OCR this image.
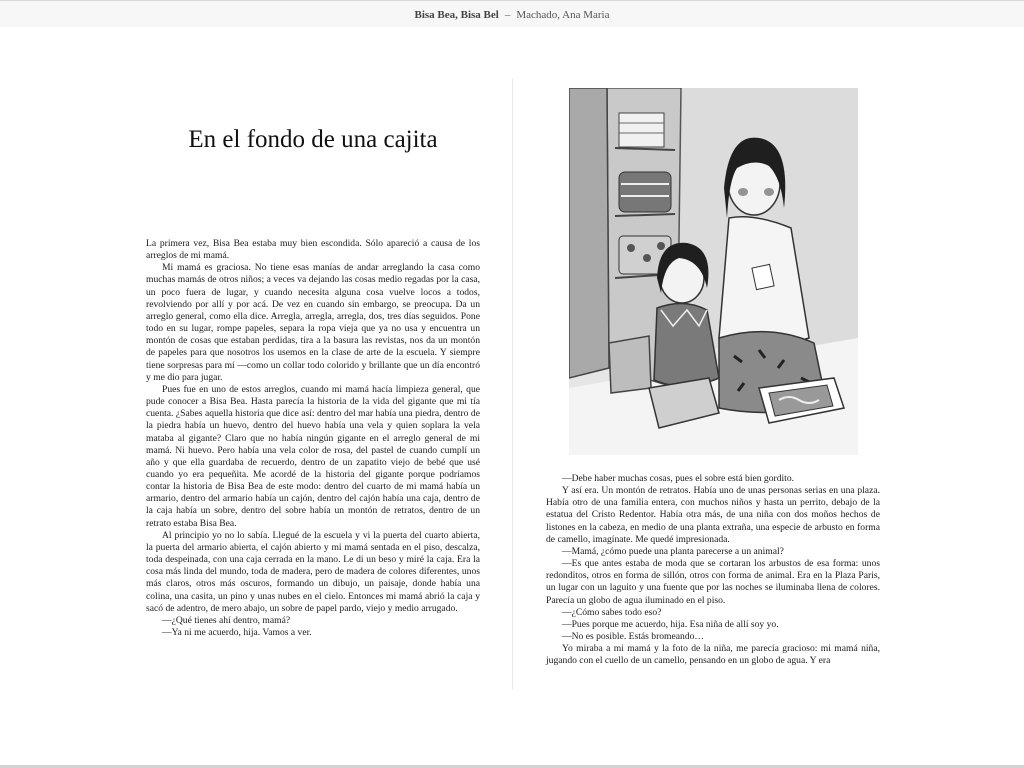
Bisa Bea, Bisa Bel – Machado, Ana Maria
En el fondo de una cajita

La primera vez, Bisa Bea estaba muy bien escondida. Sólo apareció a causa de los arreglos de mi mamá.

Mi mamá es graciosa. No tiene esas manías de andar arreglando la casa como muchas mamás de otros niños; a veces va dejando las cosas medio regadas por la casa, un poco fuera de lugar, y cuando necesita alguna cosa vuelve locos a todos, revolviendo por allí y por acá. De vez en cuando sin embargo, se preocupa. Da un arreglo general, como ella dice. Arregla, arregla, arregla, dos, tres días seguidos. Pone todo en su lugar, rompe papeles, separa la ropa vieja que ya no usa y encuentra un montón de cosas que estaban perdidas, tira a la basura las revistas, nos da un montón de papeles para que nosotros los usemos en la clase de arte de la escuela. Y siempre tiene sorpresas para mí —como un collar todo colorido y brillante que un día encontró y me dio para jugar.

Pues fue en uno de estos arreglos, cuando mi mamá hacía limpieza general, que pude conocer a Bisa Bea. Hasta parecía la historia de la vida del gigante que mi tía cuenta. ¿Sabes aquella historia que dice así: dentro del mar había una piedra, dentro de la piedra había un huevo, dentro del huevo había una vela y quien soplara la vela mataba al gigante? Claro que no había ningún gigante en el arreglo general de mi mamá. Ni huevo. Pero había una vela color de rosa, del pastel de cuando cumplí un año y que ella guardaba de recuerdo, dentro de un zapatito viejo de bebé que usé cuando yo era pequeñita. Me acordé de la historia del gigante porque podríamos contar la historia de Bisa Bea de este modo: dentro del cuarto de mi mamá había un armario, dentro del armario había un cajón, dentro del cajón había una caja, dentro de la caja había un sobre, dentro del sobre había un montón de retratos, dentro de un retrato estaba Bisa Bea.

Al principio yo no lo sabía. Llegué de la escuela y vi la puerta del cuarto abierta, la puerta del armario abierta, el cajón abierto y mi mamá sentada en el piso, descalza, toda despeinada, con una caja cerrada en la mano. Le di un beso y miré la caja. Era la cosa más linda del mundo, toda de madera, pero de madera de colores diferentes, unos más claros, otros más oscuros, formando un dibujo, un paisaje, donde había una colina, una casita, un pino y unas nubes en el cielo. Entonces mi mamá abrió la caja y sacó de adentro, de mero abajo, un sobre de papel pardo, viejo y medio arrugado.

—¿Qué tienes ahí dentro, mamá?

—Ya ni me acuerdo, hija. Vamos a ver.

—Debe haber muchas cosas, pues el sobre está bien gordito.

Y así era. Un montón de retratos. Había uno de unas personas serias en una plaza. Había otro de una familia entera, con muchos niños y hasta un perrito, debajo de la estatua del Cristo Redentor. Había otra más, de una niña con dos moños hechos de listones en la cabeza, en medio de una planta extraña, una especie de arbusto en forma de camello, imagínate. Me quedé impresionada.

—Mamá, ¿cómo puede una planta parecerse a un animal?

—Es que antes estaba de moda que se cortaran los arbustos de esa forma: unos redonditos, otros en forma de sillón, otros con forma de animal. Era en la Plaza Paris, un lugar con un laguito y una fuente que por las noches se iluminaba llena de colores. Parecía un globo de agua iluminado en el piso.

—¿Cómo sabes todo eso?

—Pues porque me acuerdo, hija. Esa niña de allí soy yo.

—No es posible. Estás bromeando…

Yo miraba a mi mamá y la foto de la niña, me parecía gracioso: mi mamá niña, jugando con el cuello de un camello, pensando en un globo de agua. Y era
